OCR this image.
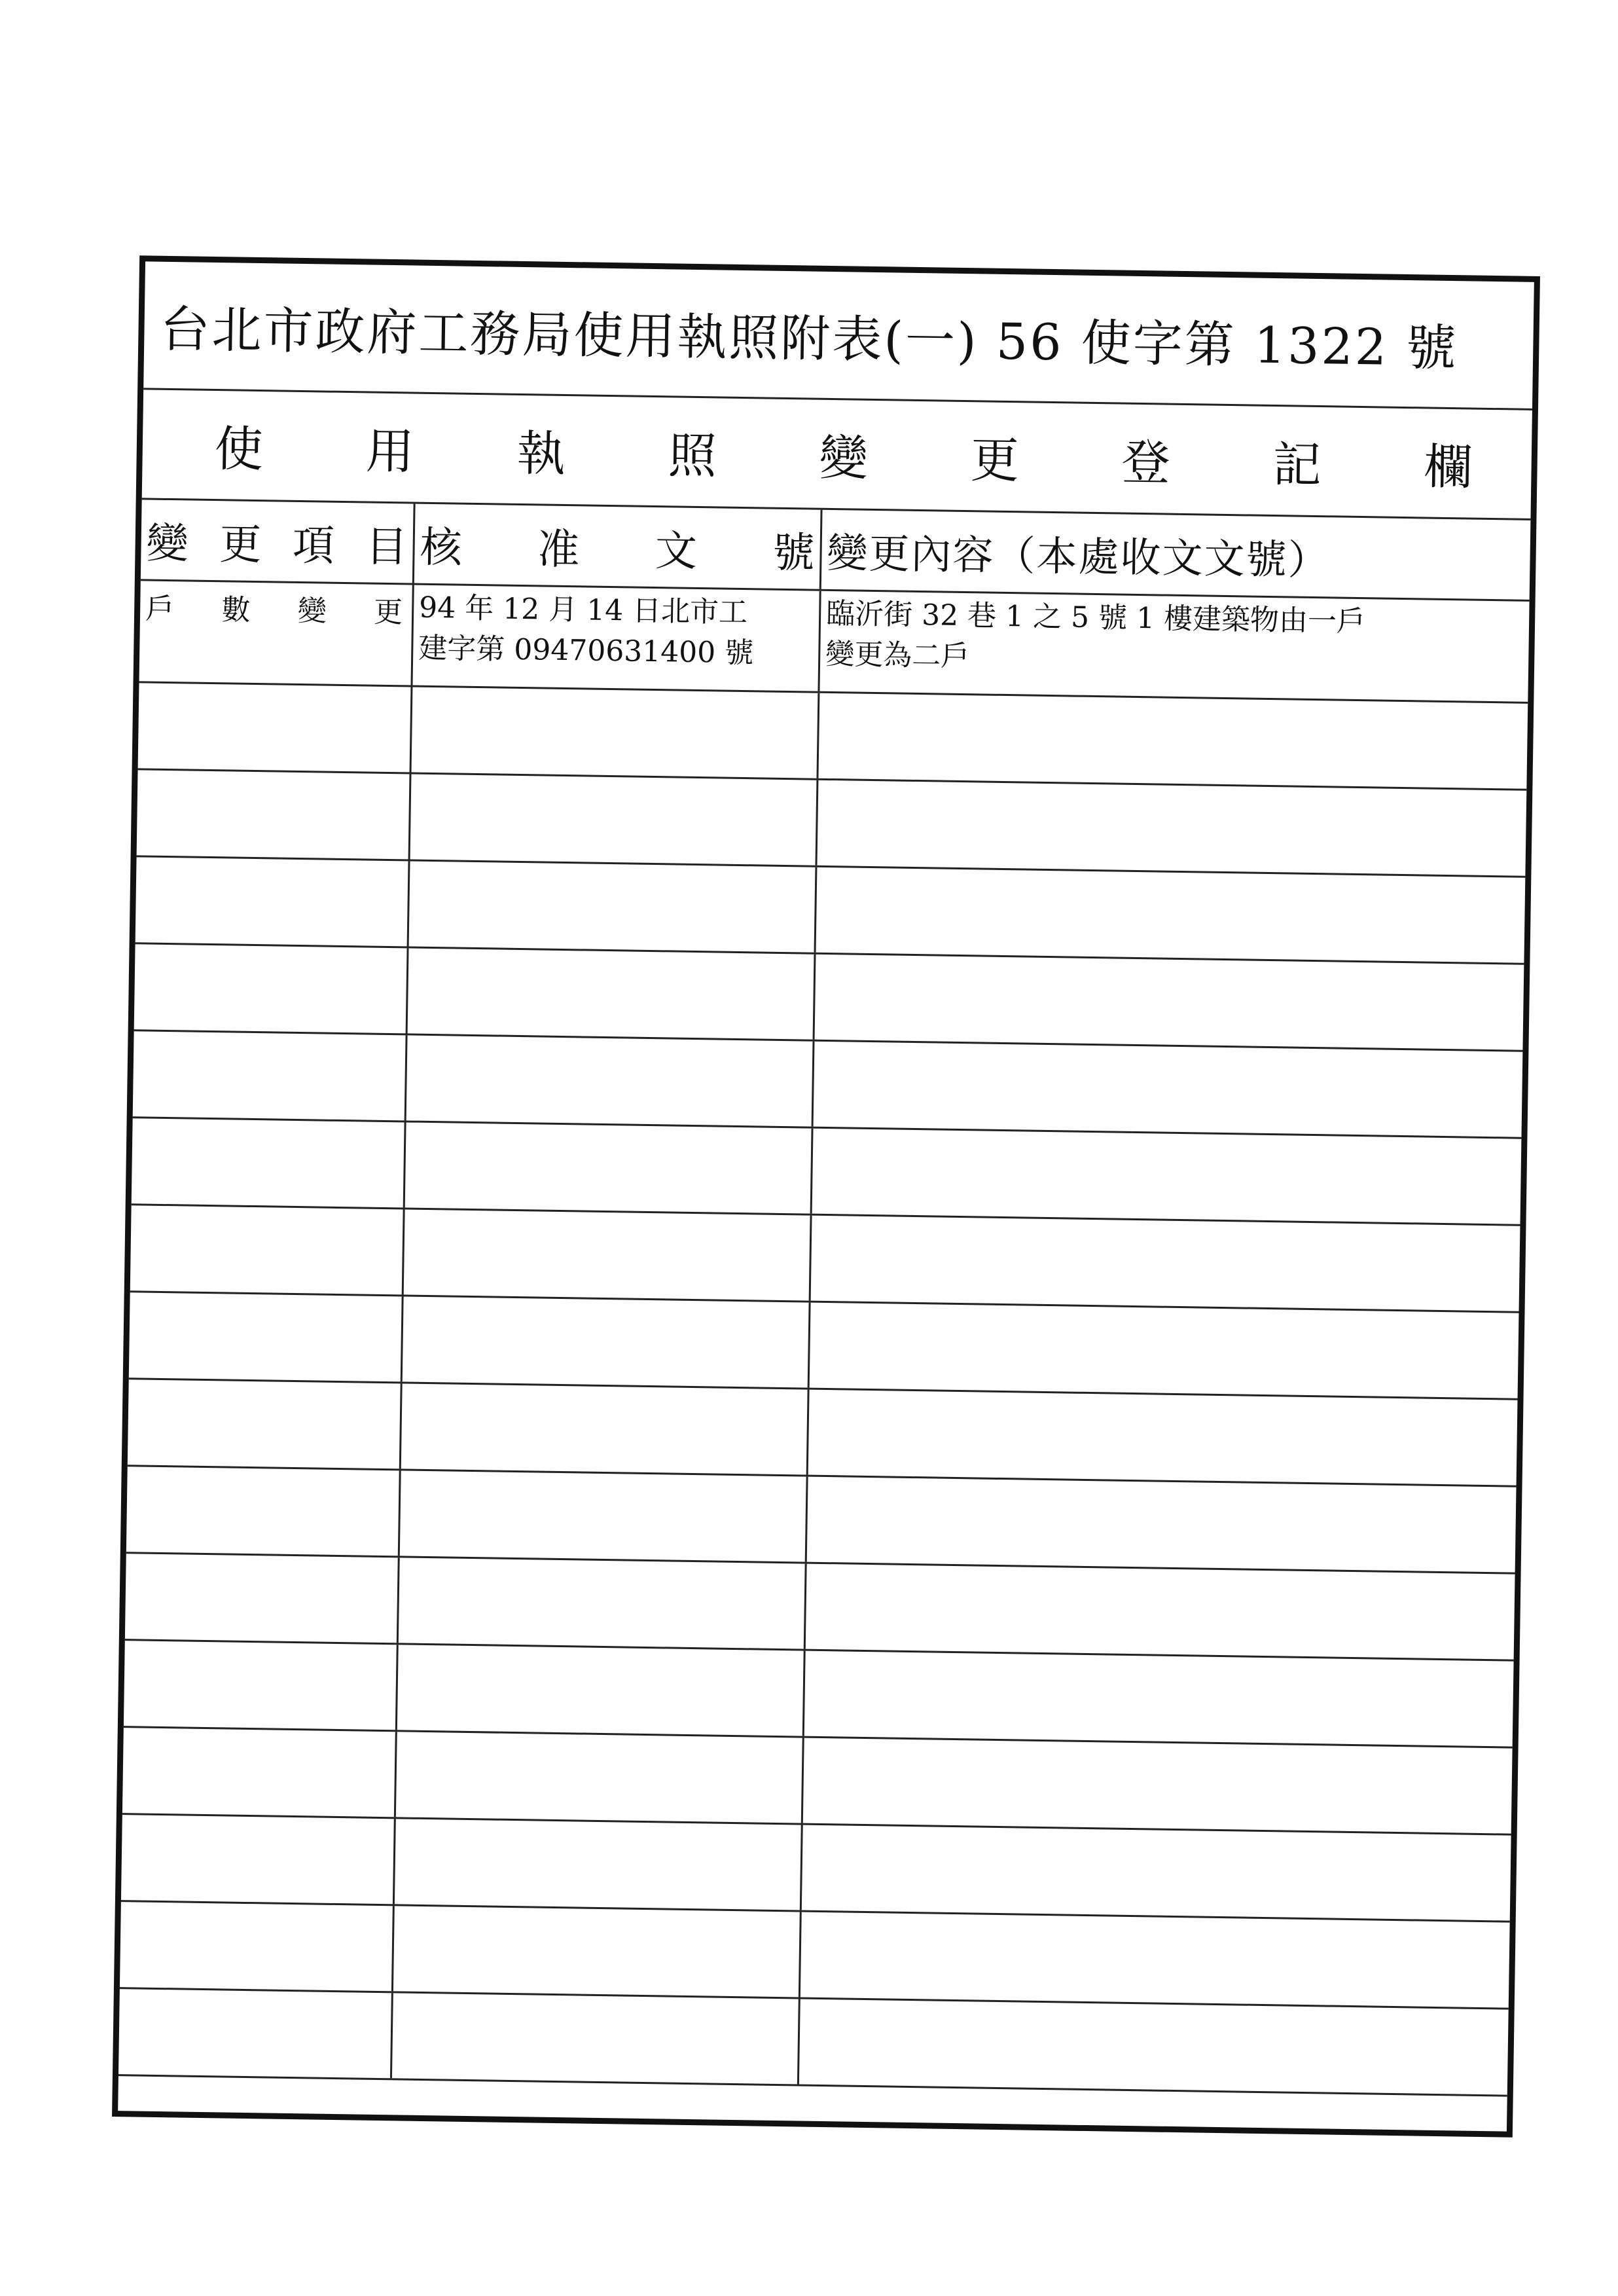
台北市政府工務局使用執照附表(一) 56 使字第 1322 號
使 用 執 照 變 更 登 記 欄
變 更 項 目 核 准 文 號 變更內容（本處收文文號）
戶 數 變 更 94 年 12 月 14 日北市工
建字第 09470631400 號
臨沂街 32 巷 1 之 5 號 1 樓建築物由一戶
變更為二戶
